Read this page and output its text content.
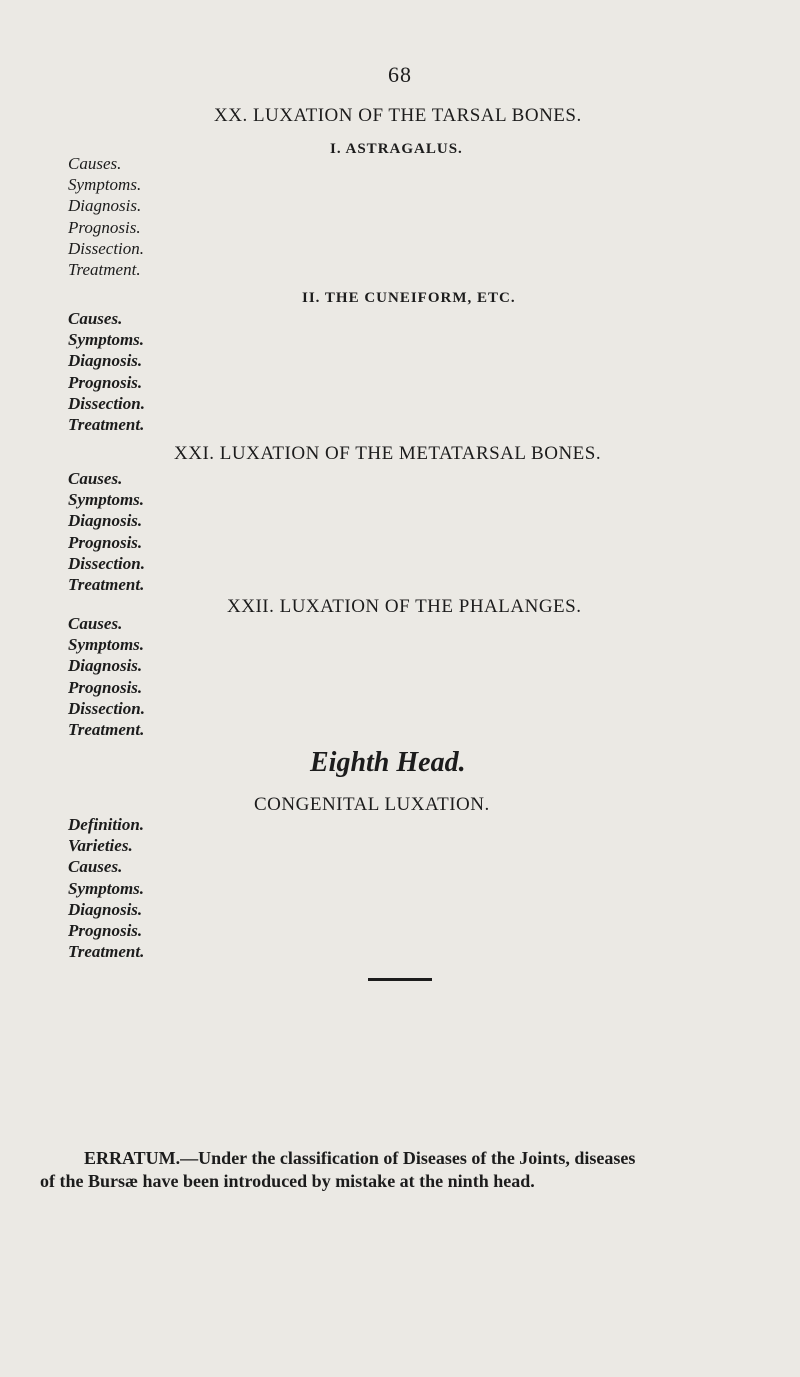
68
XX. LUXATION OF THE TARSAL BONES.
I. ASTRAGALUS.
Causes.
Symptoms.
Diagnosis.
Prognosis.
Dissection.
Treatment.
II. THE CUNEIFORM, ETC.
Causes.
Symptoms.
Diagnosis.
Prognosis.
Dissection.
Treatment.
XXI. LUXATION OF THE METATARSAL BONES.
Causes.
Symptoms.
Diagnosis.
Prognosis.
Dissection.
Treatment.
XXII. LUXATION OF THE PHALANGES.
Causes.
Symptoms.
Diagnosis.
Prognosis.
Dissection.
Treatment.
Eighth Head.
CONGENITAL LUXATION.
Definition.
Varieties.
Causes.
Symptoms.
Diagnosis.
Prognosis.
Treatment.
ERRATUM.—Under the classification of Diseases of the Joints, diseases
of the Bursæ have been introduced by mistake at the ninth head.
